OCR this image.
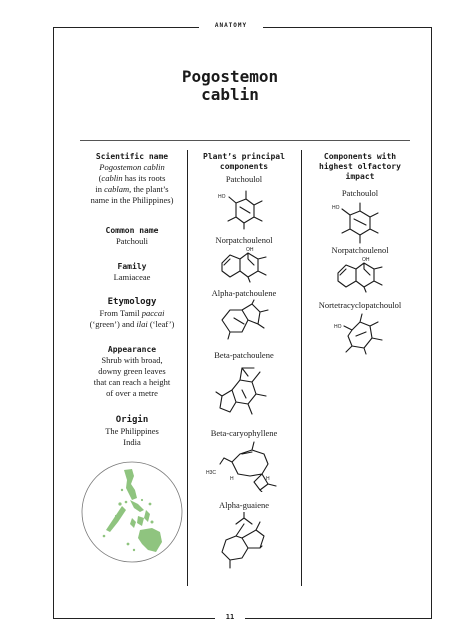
ANATOMY
11
Pogostemon
cablin
Scientific name
Pogostemon cablin
(cablin has its roots
in cablam, the plant’s
name in the Philippines)
Common name
Patchouli
Family
Lamiaceae
Etymology
From Tamil paccai
(‘green’) and ilai (‘leaf’)
Appearance
Shrub with broad,
downy green leaves
that can reach a height
of over a metre
Origin
The Philippines
India
Plant’s principal
components
Patchoulol
HO
Norpatchoulenol
OH
Alpha-patchoulene
Beta-patchoulene
Beta-caryophyllene
H3C
H	H
Alpha-guaiene
Components with
highest olfactory
impact
Patchoulol
HO
Norpatchoulenol
OH
Nortetracyclopatchoulol
HO
